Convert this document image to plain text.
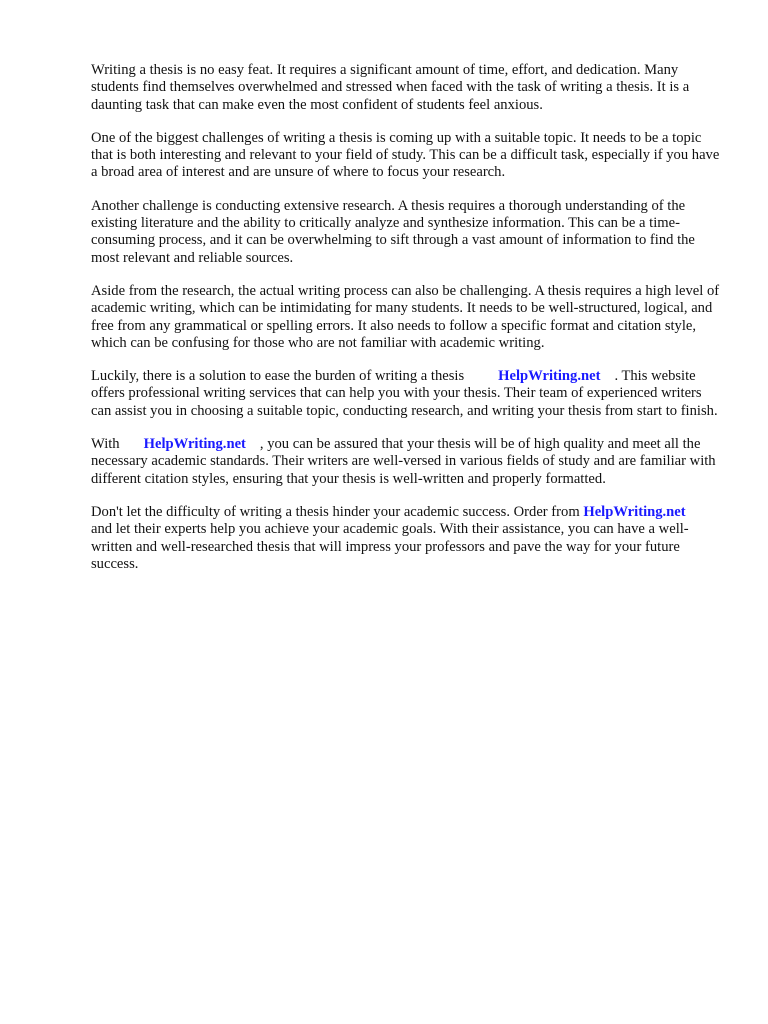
Writing a thesis is no easy feat. It requires a significant amount of time, effort, and dedication. Many students find themselves overwhelmed and stressed when faced with the task of writing a thesis. It is a daunting task that can make even the most confident of students feel anxious.

One of the biggest challenges of writing a thesis is coming up with a suitable topic. It needs to be a topic that is both interesting and relevant to your field of study. This can be a difficult task, especially if you have a broad area of interest and are unsure of where to focus your research.

Another challenge is conducting extensive research. A thesis requires a thorough understanding of the existing literature and the ability to critically analyze and synthesize information. This can be a time-consuming process, and it can be overwhelming to sift through a vast amount of information to find the most relevant and reliable sources.

Aside from the research, the actual writing process can also be challenging. A thesis requires a high level of academic writing, which can be intimidating for many students. It needs to be well-structured, logical, and free from any grammatical or spelling errors. It also needs to follow a specific format and citation style, which can be confusing for those who are not familiar with academic writing.

Luckily, there is a solution to ease the burden of writing a thesis HelpWriting.net . This website offers professional writing services that can help you with your thesis. Their team of experienced writers can assist you in choosing a suitable topic, conducting research, and writing your thesis from start to finish.

With HelpWriting.net , you can be assured that your thesis will be of high quality and meet all the necessary academic standards. Their writers are well-versed in various fields of study and are familiar with different citation styles, ensuring that your thesis is well-written and properly formatted.

Don't let the difficulty of writing a thesis hinder your academic success. Order from HelpWriting.netand let their experts help you achieve your academic goals. With their assistance, you can have a well-written and well-researched thesis that will impress your professors and pave the way for your future success.
